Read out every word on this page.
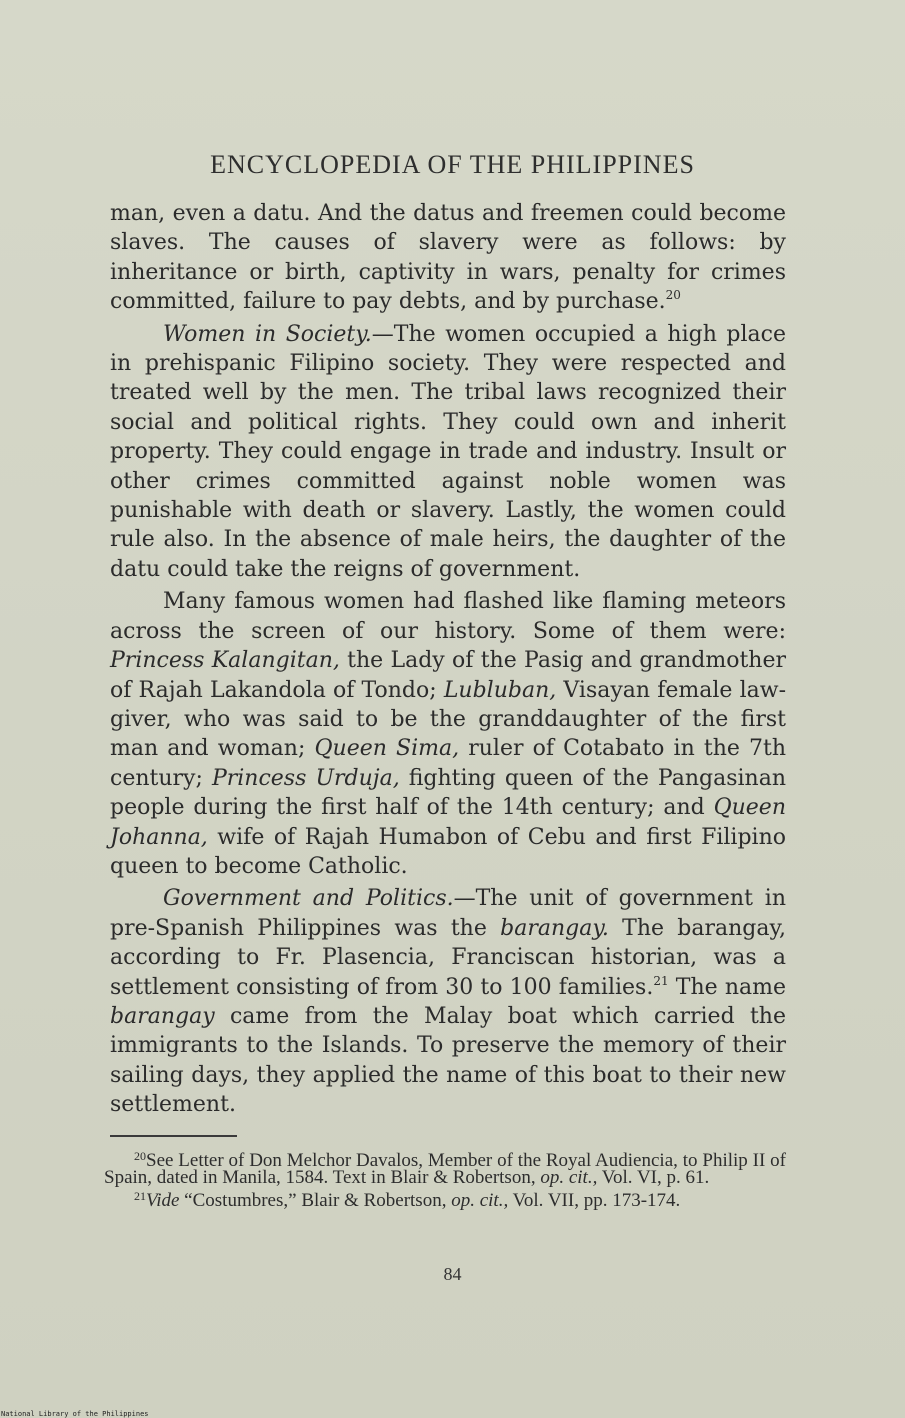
ENCYCLOPEDIA OF THE PHILIPPINES

man, even a datu. And the datus and freemen could become slaves. The causes of slavery were as follows: by inheritance or birth, captivity in wars, penalty for crimes committed, failure to pay debts, and by purchase.$^{20}$

Women in Society.—The women occupied a high place in prehispanic Filipino society. They were respected and treated well by the men. The tribal laws recognized their social and political rights. They could own and inherit property. They could engage in trade and industry. Insult or other crimes committed against noble women was punishable with death or slavery. Lastly, the women could rule also. In the absence of male heirs, the daughter of the datu could take the reigns of government.

Many famous women had flashed like flaming meteors across the screen of our history. Some of them were: Princess Kalangitan, the Lady of the Pasig and grandmother of Rajah Lakandola of Tondo; Lubluban, Visayan female law-giver, who was said to be the granddaughter of the first man and woman; Queen Sima, ruler of Cotabato in the 7th century; Princess Urduja, fighting queen of the Pangasinan people during the first half of the 14th century; and Queen Johanna, wife of Rajah Humabon of Cebu and first Filipino queen to become Catholic.

Government and Politics.—The unit of government in pre-Spanish Philippines was the barangay. The barangay, according to Fr. Plasencia, Franciscan historian, was a settlement consisting of from 30 to 100 families.$^{21}$ The name barangay came from the Malay boat which carried the immigrants to the Islands. To preserve the memory of their sailing days, they applied the name of this boat to their new settlement.

$^{20}$See Letter of Don Melchor Davalos, Member of the Royal Audiencia, to Philip II of Spain, dated in Manila, 1584. Text in Blair & Robertson, op. cit., Vol. VI, p. 61.

$^{21}$Vide “Costumbres,” Blair & Robertson, op. cit., Vol. VII, pp. 173-174.

84
National Library of the Philippines
